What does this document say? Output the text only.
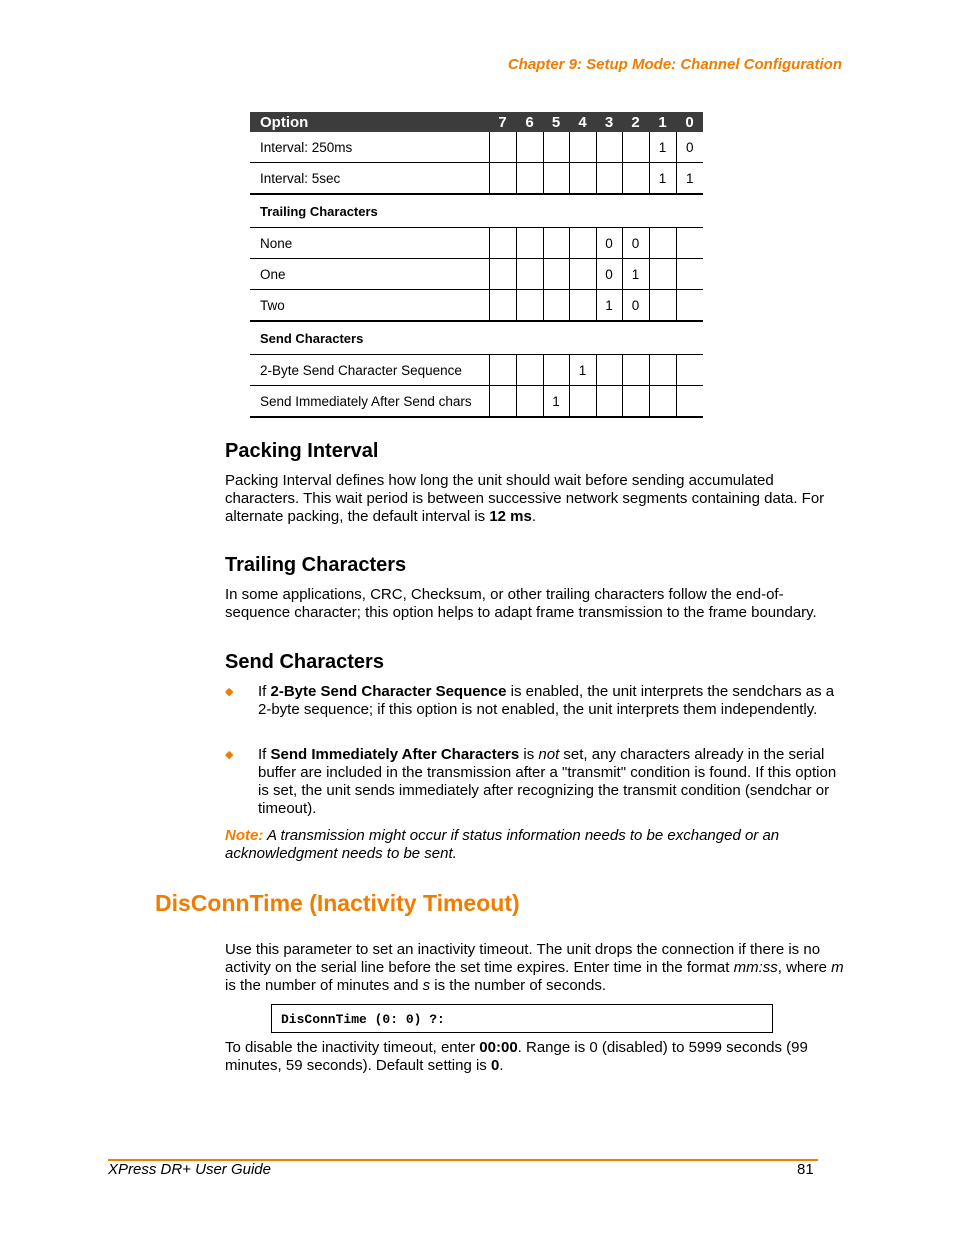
Chapter 9: Setup Mode: Channel Configuration
Option	7	6	5	4	3	2	1	0
Interval: 250ms							1	0
Interval: 5sec							1	1
Trailing Characters								
None					0	0		
One					0	1		
Two					1	0		
Send Characters								
2-Byte Send Character Sequence				1				
Send Immediately After Send chars			1					
Packing Interval

Packing Interval defines how long the unit should wait before sending accumulated characters. This wait period is between successive network segments containing data. For alternate packing, the default interval is 12 ms.

Trailing Characters

In some applications, CRC, Checksum, or other trailing characters follow the end-of-sequence character; this option helps to adapt frame transmission to the frame boundary.

Send Characters
◆ If 2-Byte Send Character Sequence is enabled, the unit interprets the sendchars as a 2-byte sequence; if this option is not enabled, the unit interprets them independently.
◆ If Send Immediately After Characters is not set, any characters already in the serial buffer are included in the transmission after a "transmit" condition is found. If this option is set, the unit sends immediately after recognizing the transmit condition (sendchar or timeout).

Note: A transmission might occur if status information needs to be exchanged or an acknowledgment needs to be sent.

DisConnTime (Inactivity Timeout)

Use this parameter to set an inactivity timeout. The unit drops the connection if there is no activity on the serial line before the set time expires. Enter time in the format mm:ss, where m is the number of minutes and s is the number of seconds.

DisConnTime (0: 0) ?:

To disable the inactivity timeout, enter 00:00. Range is 0 (disabled) to 5999 seconds (99 minutes, 59 seconds). Default setting is 0.

XPress DR+ User Guide	81
